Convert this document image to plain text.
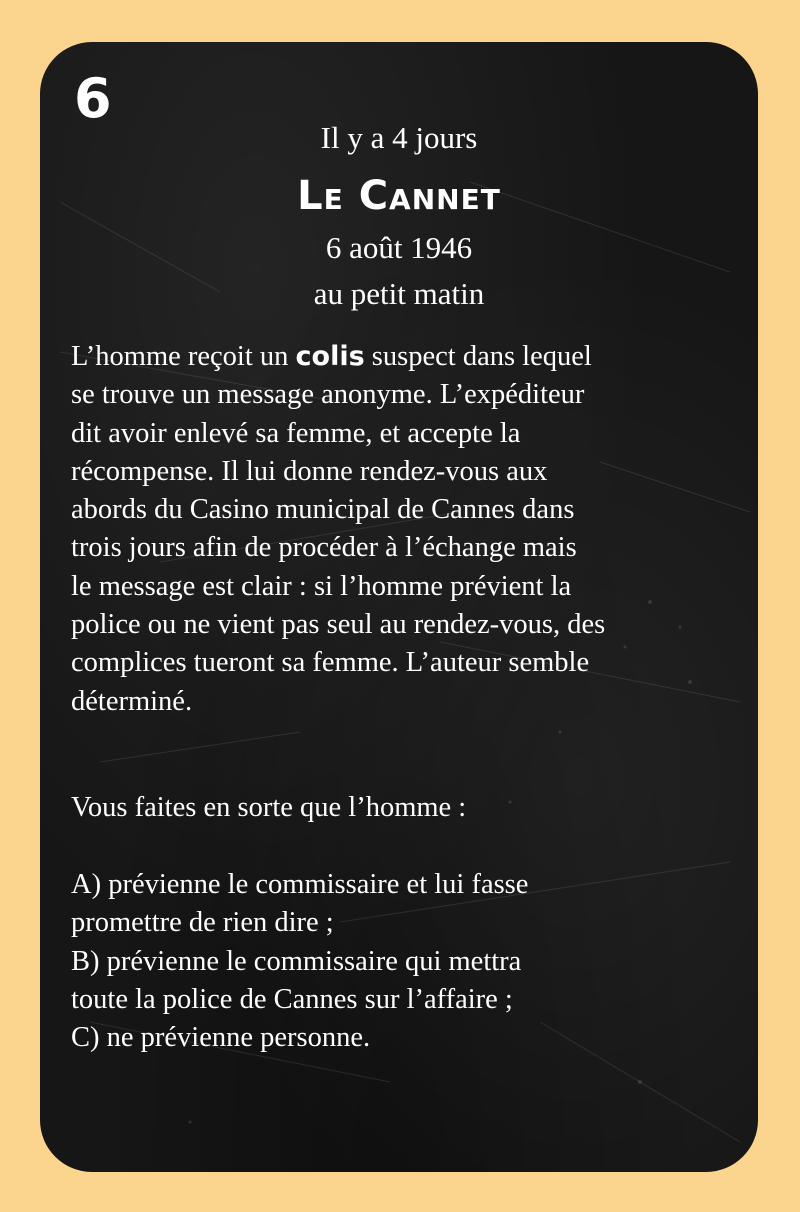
6
Il y a 4 jours
Le Cannet
6 août 1946
au petit matin

L’homme reçoit un colis suspect dans lequel
se trouve un message anonyme. L’expéditeur
dit avoir enlevé sa femme, et accepte la
récompense. Il lui donne rendez-vous aux
abords du Casino municipal de Cannes dans
trois jours afin de procéder à l’échange mais
le message est clair : si l’homme prévient la
police ou ne vient pas seul au rendez-vous, des
complices tueront sa femme. L’auteur semble
déterminé.

Vous faites en sorte que l’homme :
A) prévienne le commissaire et lui fasse
promettre de rien dire ;
B) prévienne le commissaire qui mettra
toute la police de Cannes sur l’affaire ;
C) ne prévienne personne.
